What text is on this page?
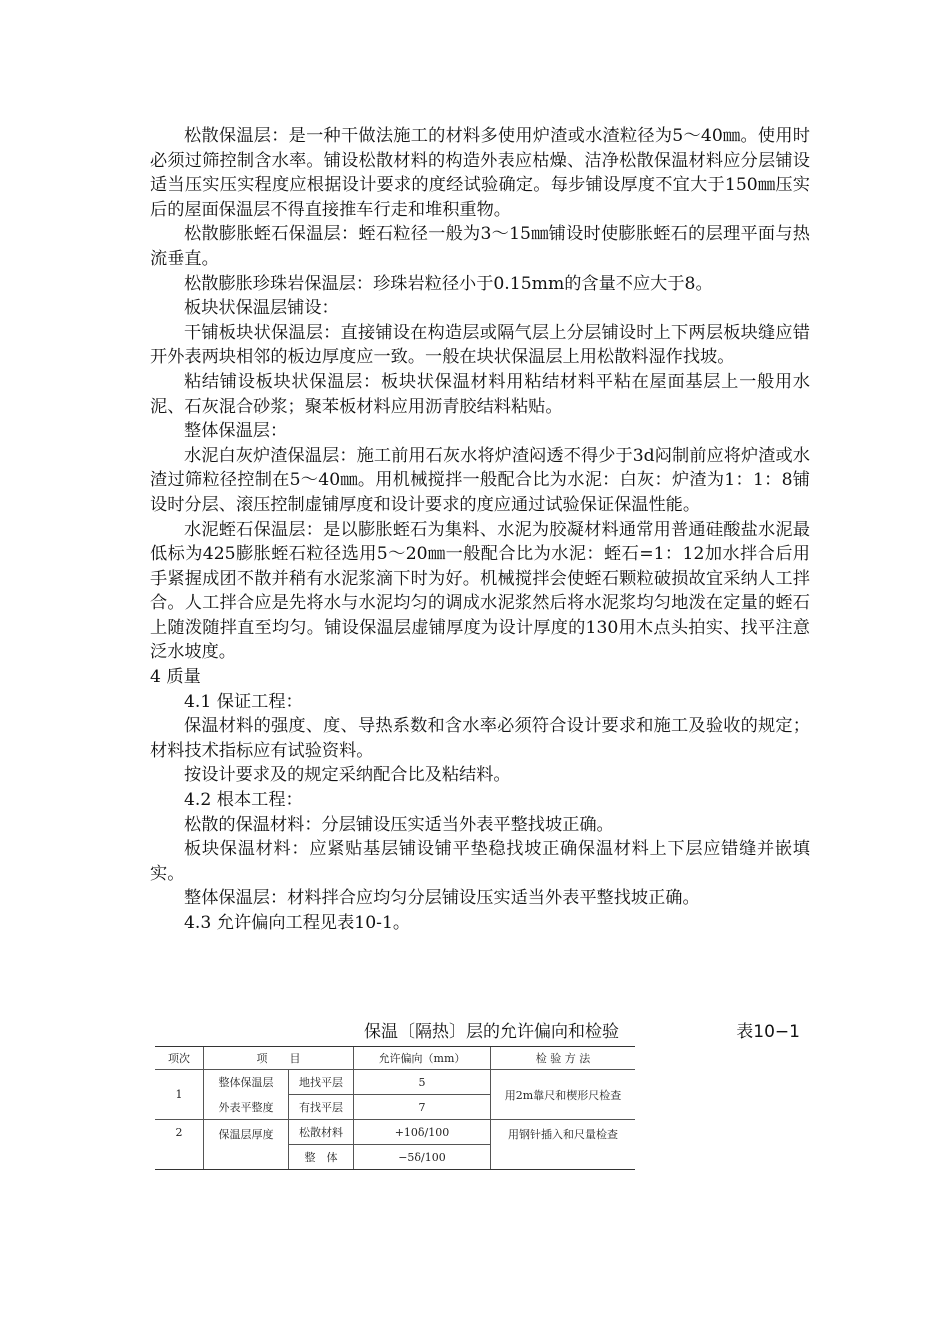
松散保温层：是一种干做法施工的材料多使用炉渣或水渣粒径为5～40㎜。使用时必须过筛控制含水率。铺设松散材料的构造外表应枯燥、洁净松散保温材料应分层铺设适当压实压实程度应根据设计要求的度经试验确定。每步铺设厚度不宜大于150㎜压实后的屋面保温层不得直接推车行走和堆积重物。

松散膨胀蛭石保温层：蛭石粒径一般为3～15㎜铺设时使膨胀蛭石的层理平面与热流垂直。

松散膨胀珍珠岩保温层：珍珠岩粒径小于0.15mm的含量不应大于8。

板块状保温层铺设：

干铺板块状保温层：直接铺设在构造层或隔气层上分层铺设时上下两层板块缝应错开外表两块相邻的板边厚度应一致。一般在块状保温层上用松散料湿作找坡。

粘结铺设板块状保温层：板块状保温材料用粘结材料平粘在屋面基层上一般用水泥、石灰混合砂浆；聚苯板材料应用沥青胶结料粘贴。

整体保温层：

水泥白灰炉渣保温层：施工前用石灰水将炉渣闷透不得少于3d闷制前应将炉渣或水渣过筛粒径控制在5～40㎜。用机械搅拌一般配合比为水泥：白灰：炉渣为1：1：8铺设时分层、滚压控制虚铺厚度和设计要求的度应通过试验保证保温性能。

水泥蛭石保温层：是以膨胀蛭石为集料、水泥为胶凝材料通常用普通硅酸盐水泥最低标为425膨胀蛭石粒径选用5～20㎜一般配合比为水泥：蛭石=1：12加水拌合后用手紧握成团不散并稍有水泥浆滴下时为好。机械搅拌会使蛭石颗粒破损故宜采纳人工拌合。人工拌合应是先将水与水泥均匀的调成水泥浆然后将水泥浆均匀地泼在定量的蛭石上随泼随拌直至均匀。铺设保温层虚铺厚度为设计厚度的130用木点头拍实、找平注意泛水坡度。

4 质量

4.1 保证工程：

保温材料的强度、度、导热系数和含水率必须符合设计要求和施工及验收的规定；材料技术指标应有试验资料。

按设计要求及的规定采纳配合比及粘结料。

4.2 根本工程：

松散的保温材料：分层铺设压实适当外表平整找坡正确。

板块保温材料：应紧贴基层铺设铺平垫稳找坡正确保温材料上下层应错缝并嵌填实。

整体保温层：材料拌合应均匀分层铺设压实适当外表平整找坡正确。

4.3 允许偏向工程见表10-1。

保温〔隔热〕层的允许偏向和检验	表10−1
项次	项　　目		允许偏向（mm）	检 验 方 法
1	整体保温层	地找平层	5	用2m靠尺和楔形尺检查
	外表平整度	有找平层	7	
2	保温层厚度	松散材料	+10δ/100	用钢针插入和尺量检查
		整　体	−5δ/100	
